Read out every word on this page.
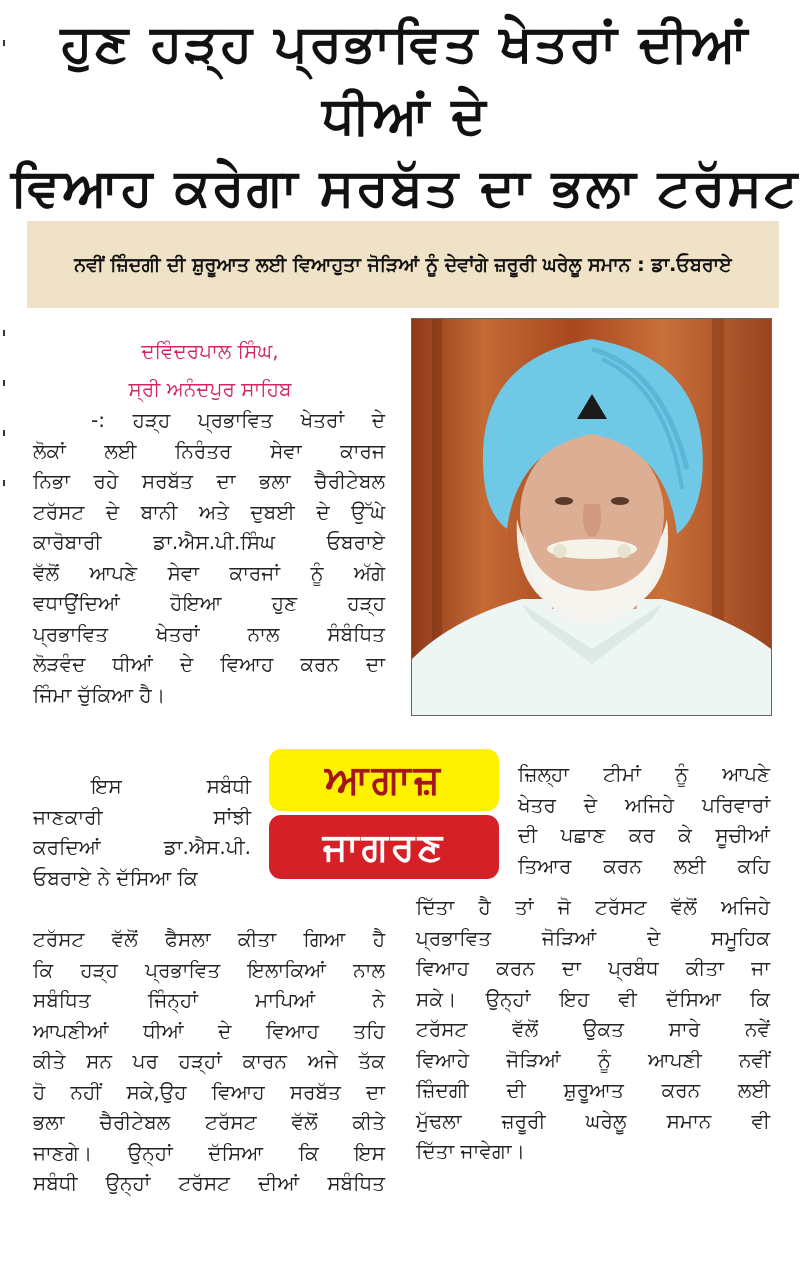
ਹੁਣ ਹੜ੍ਹ ਪ੍ਰਭਾਵਿਤ ਖੇਤਰਾਂ ਦੀਆਂ ਧੀਆਂ ਦੇ
ਵਿਆਹ ਕਰੇਗਾ ਸਰਬੱਤ ਦਾ ਭਲਾ ਟਰੱਸਟ
ਨਵੀਂ ਜ਼ਿੰਦਗੀ ਦੀ ਸ਼ੁਰੂਆਤ ਲਈ ਵਿਆਹੁਤਾ ਜੋੜਿਆਂ ਨੂੰ ਦੇਵਾਂਗੇ ਜ਼ਰੂਰੀ ਘਰੇਲੂ ਸਮਾਨ : ਡਾ.ਓਬਰਾਏ
ਦਵਿੰਦਰਪਾਲ ਸਿੰਘ,
ਸ੍ਰੀ ਅਨੰਦਪੁਰ ਸਾਹਿਬ
-: ਹੜ੍ਹ ਪ੍ਰਭਾਵਿਤ ਖੇਤਰਾਂ ਦੇ
ਲੋਕਾਂ ਲਈ ਨਿਰੰਤਰ ਸੇਵਾ ਕਾਰਜ
ਨਿਭਾ ਰਹੇ ਸਰਬੱਤ ਦਾ ਭਲਾ ਚੈਰੀਟੇਬਲ
ਟਰੱਸਟ ਦੇ ਬਾਨੀ ਅਤੇ ਦੁਬਈ ਦੇ ਉੱਘੇ
ਕਾਰੋਬਾਰੀ ਡਾ.ਐਸ.ਪੀ.ਸਿੰਘ ਓਬਰਾਏ
ਵੱਲੋਂ ਆਪਣੇ ਸੇਵਾ ਕਾਰਜਾਂ ਨੂੰ ਅੱਗੇ
ਵਧਾਉਂਦਿਆਂ ਹੋਇਆ ਹੁਣ ਹੜ੍ਹ
ਪ੍ਰਭਾਵਿਤ ਖੇਤਰਾਂ ਨਾਲ ਸੰਬੰਧਿਤ
ਲੋੜਵੰਦ ਧੀਆਂ ਦੇ ਵਿਆਹ ਕਰਨ ਦਾ
ਜਿੰਮਾ ਚੁੱਕਿਆ ਹੈ।
ਇਸ ਸਬੰਧੀ
ਜਾਣਕਾਰੀ ਸਾਂਝੀ
ਕਰਦਿਆਂ ਡਾ.ਐਸ.ਪੀ.
ਓਬਰਾਏ ਨੇ ਦੱਸਿਆ ਕਿ
ਟਰੱਸਟ ਵੱਲੋਂ ਫੈਸਲਾ ਕੀਤਾ ਗਿਆ ਹੈ
ਕਿ ਹੜ੍ਹ ਪ੍ਰਭਾਵਿਤ ਇਲਾਕਿਆਂ ਨਾਲ
ਸਬੰਧਿਤ ਜਿੰਨ੍ਹਾਂ ਮਾਪਿਆਂ ਨੇ
ਆਪਣੀਆਂ ਧੀਆਂ ਦੇ ਵਿਆਹ ਤਹਿ
ਕੀਤੇ ਸਨ ਪਰ ਹੜ੍ਹਾਂ ਕਾਰਨ ਅਜੇ ਤੱਕ
ਹੋ ਨਹੀਂ ਸਕੇ,ਉਹ ਵਿਆਹ ਸਰਬੱਤ ਦਾ
ਭਲਾ ਚੈਰੀਟੇਬਲ ਟਰੱਸਟ ਵੱਲੋਂ ਕੀਤੇ
ਜਾਣਗੇ। ਉਨ੍ਹਾਂ ਦੱਸਿਆ ਕਿ ਇਸ
ਸਬੰਧੀ ਉਨ੍ਹਾਂ ਟਰੱਸਟ ਦੀਆਂ ਸਬੰਧਿਤ
ਆਗਾਜ਼
ਜਾਗਰਣ
ਜ਼ਿਲ੍ਹਾ ਟੀਮਾਂ ਨੂੰ ਆਪਣੇ
ਖੇਤਰ ਦੇ ਅਜਿਹੇ ਪਰਿਵਾਰਾਂ
ਦੀ ਪਛਾਣ ਕਰ ਕੇ ਸੂਚੀਆਂ
ਤਿਆਰ ਕਰਨ ਲਈ ਕਹਿ
ਦਿੱਤਾ ਹੈ ਤਾਂ ਜੋ ਟਰੱਸਟ ਵੱਲੋਂ ਅਜਿਹੇ
ਪ੍ਰਭਾਵਿਤ ਜੋੜਿਆਂ ਦੇ ਸਮੂਹਿਕ
ਵਿਆਹ ਕਰਨ ਦਾ ਪ੍ਰਬੰਧ ਕੀਤਾ ਜਾ
ਸਕੇ। ਉਨ੍ਹਾਂ ਇਹ ਵੀ ਦੱਸਿਆ ਕਿ
ਟਰੱਸਟ ਵੱਲੋਂ ਉਕਤ ਸਾਰੇ ਨਵੇਂ
ਵਿਆਹੇ ਜੋੜਿਆਂ ਨੂੰ ਆਪਣੀ ਨਵੀਂ
ਜ਼ਿੰਦਗੀ ਦੀ ਸ਼ੁਰੂਆਤ ਕਰਨ ਲਈ
ਮੁੱਢਲਾ ਜ਼ਰੂਰੀ ਘਰੇਲੂ ਸਮਾਨ ਵੀ
ਦਿੱਤਾ ਜਾਵੇਗਾ।
